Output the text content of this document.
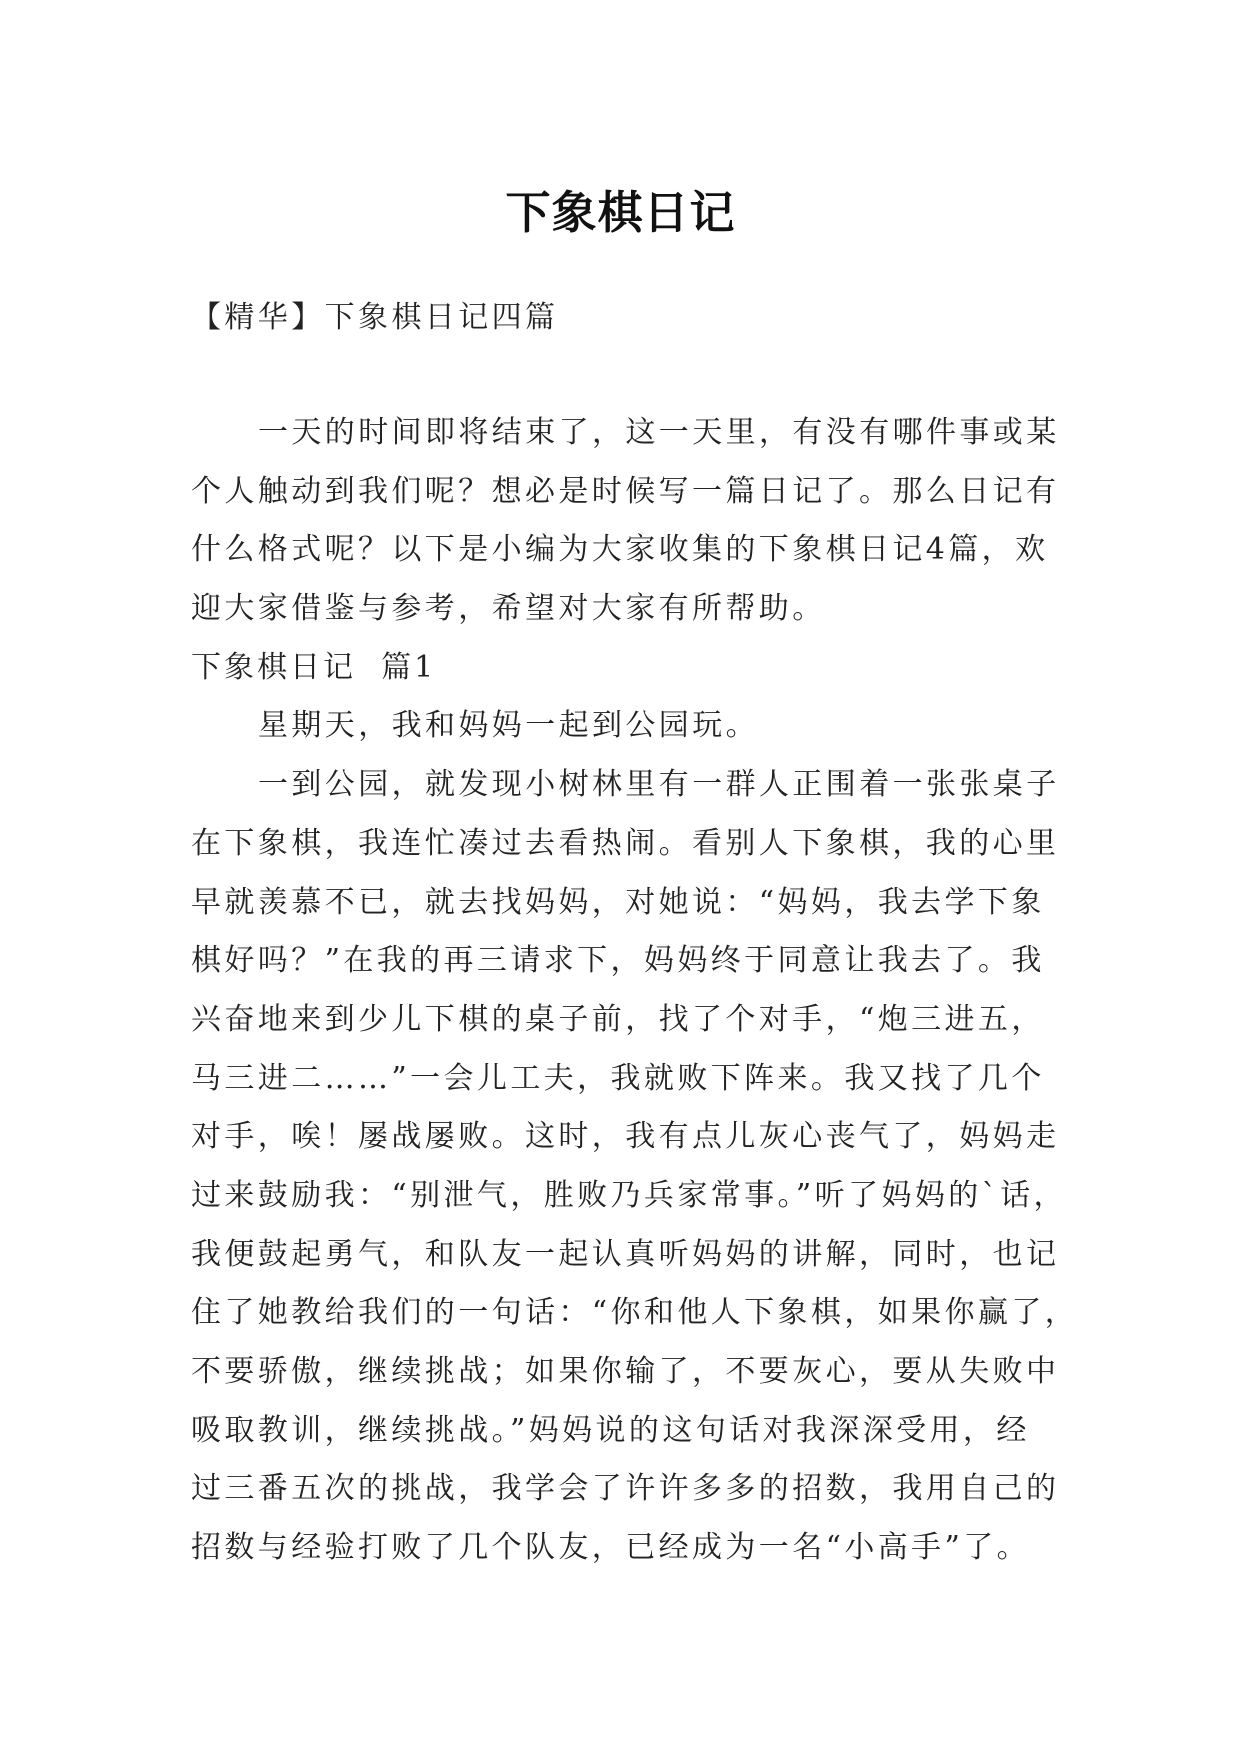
下象棋日记
【精华】下象棋日记四篇
一天的时间即将结束了，这一天里，有没有哪件事或某
个人触动到我们呢？想必是时候写一篇日记了。那么日记有
什么格式呢？以下是小编为大家收集的下象棋日记4篇，欢
迎大家借鉴与参考，希望对大家有所帮助。
下象棋日记  篇1
星期天，我和妈妈一起到公园玩。
一到公园，就发现小树林里有一群人正围着一张张桌子
在下象棋，我连忙凑过去看热闹。看别人下象棋，我的心里
早就羡慕不已，就去找妈妈，对她说：“妈妈，我去学下象
棋好吗？”在我的再三请求下，妈妈终于同意让我去了。我
兴奋地来到少儿下棋的桌子前，找了个对手，“炮三进五，
马三进二……”一会儿工夫，我就败下阵来。我又找了几个
对手，唉！屡战屡败。这时，我有点儿灰心丧气了，妈妈走
过来鼓励我：“别泄气，胜败乃兵家常事。”听了妈妈的`话，
我便鼓起勇气，和队友一起认真听妈妈的讲解，同时，也记
住了她教给我们的一句话：“你和他人下象棋，如果你赢了，
不要骄傲，继续挑战；如果你输了，不要灰心，要从失败中
吸取教训，继续挑战。”妈妈说的这句话对我深深受用，经
过三番五次的挑战，我学会了许许多多的招数，我用自己的
招数与经验打败了几个队友，已经成为一名“小高手”了。
